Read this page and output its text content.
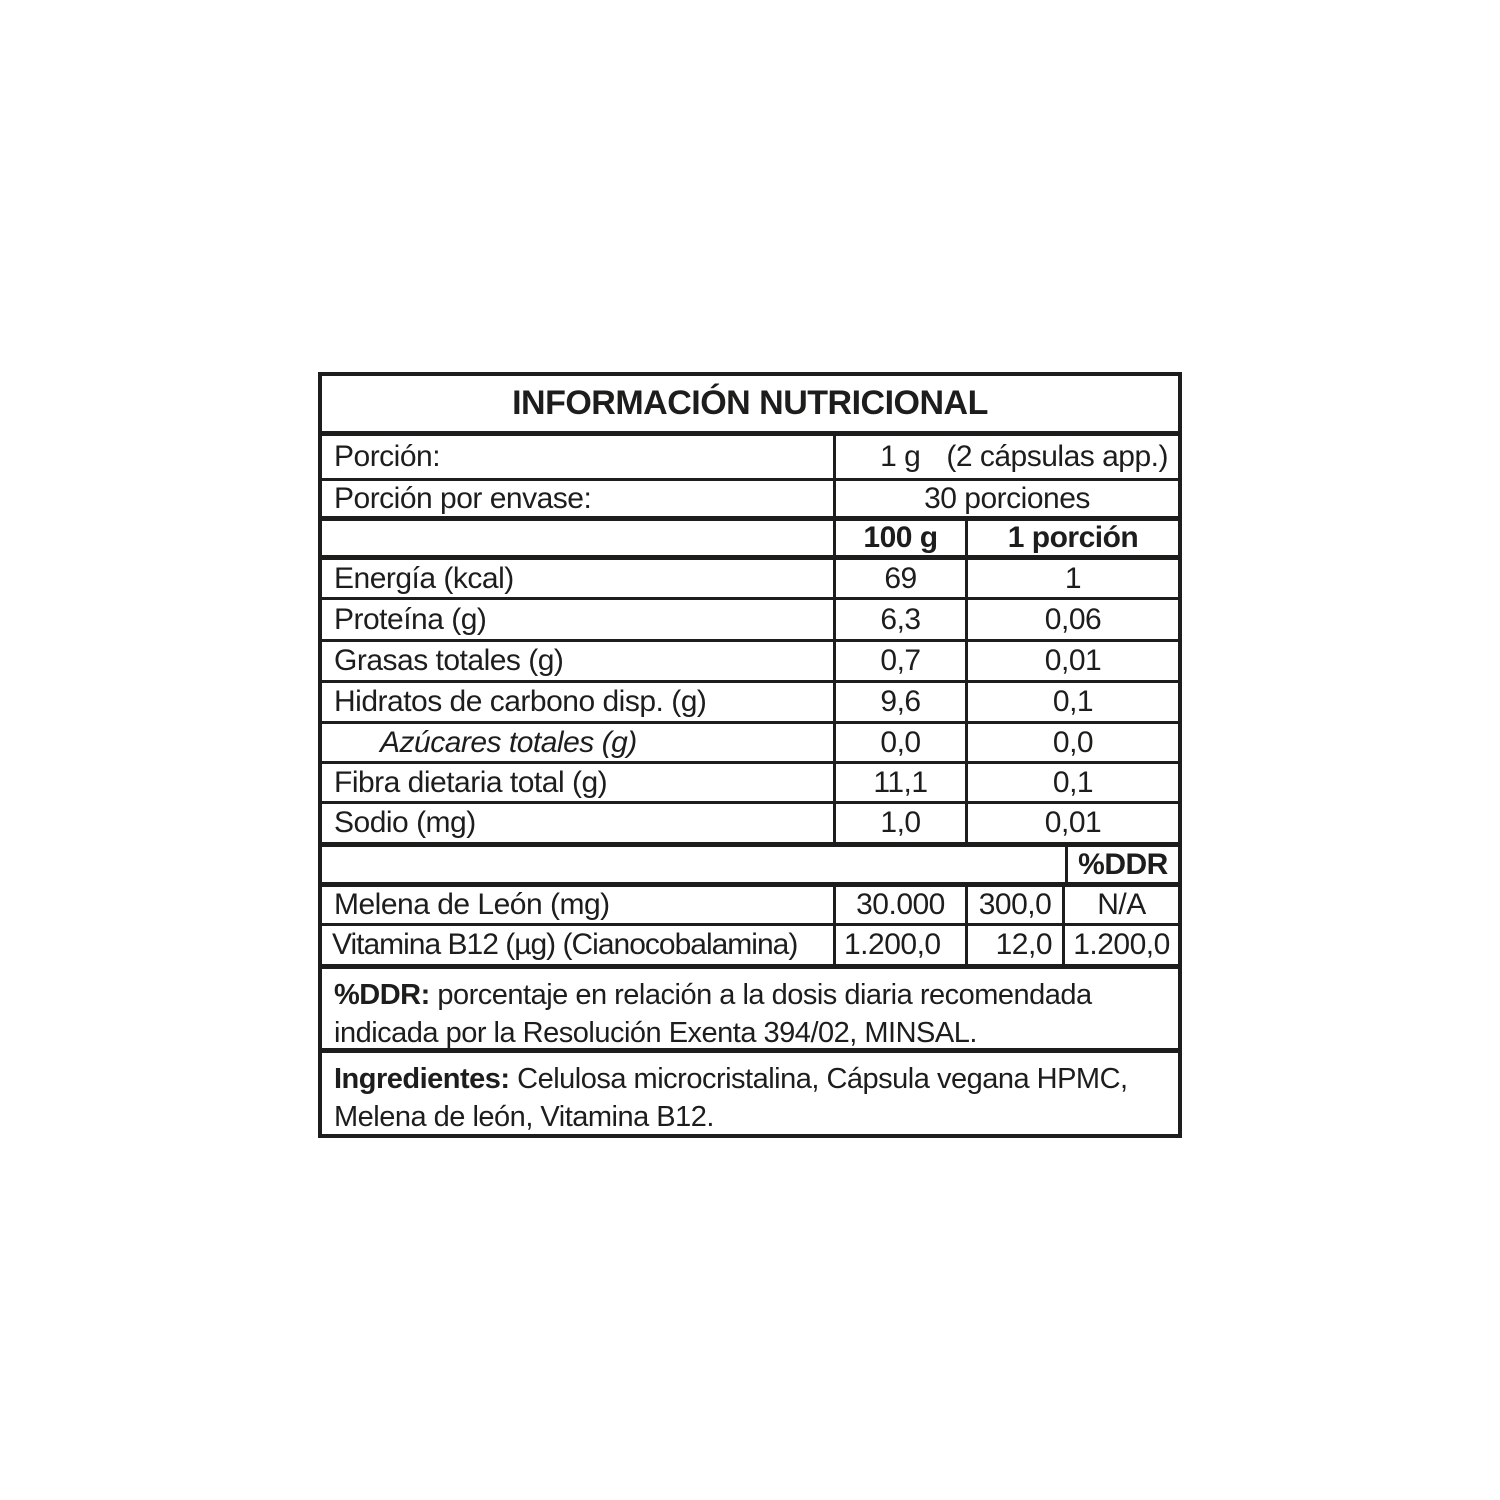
INFORMACIÓN NUTRICIONAL
Porción:	1 g (2 cápsulas app.)
Porción por envase:	30 porciones
100 g 1 porción
Energía (kcal)	69	1
Proteína (g)	6,3	0,06
Grasas totales (g)	0,7	0,01
Hidratos de carbono disp. (g)	9,6	0,1
Azúcares totales (g)	0,0	0,0
Fibra dietaria total (g)	11,1	0,1
Sodio (mg)	1,0	0,01
%DDR
Melena de León (mg)	30.000 300,0 N/A
Vitamina B12 (µg) (Cianocobalamina) 1.200,0 12,0 1.200,0
%DDR: porcentaje en relación a la dosis diaria recomendada indicada por la Resolución Exenta 394/02, MINSAL.
Ingredientes: Celulosa microcristalina, Cápsula vegana HPMC, Melena de león, Vitamina B12.
